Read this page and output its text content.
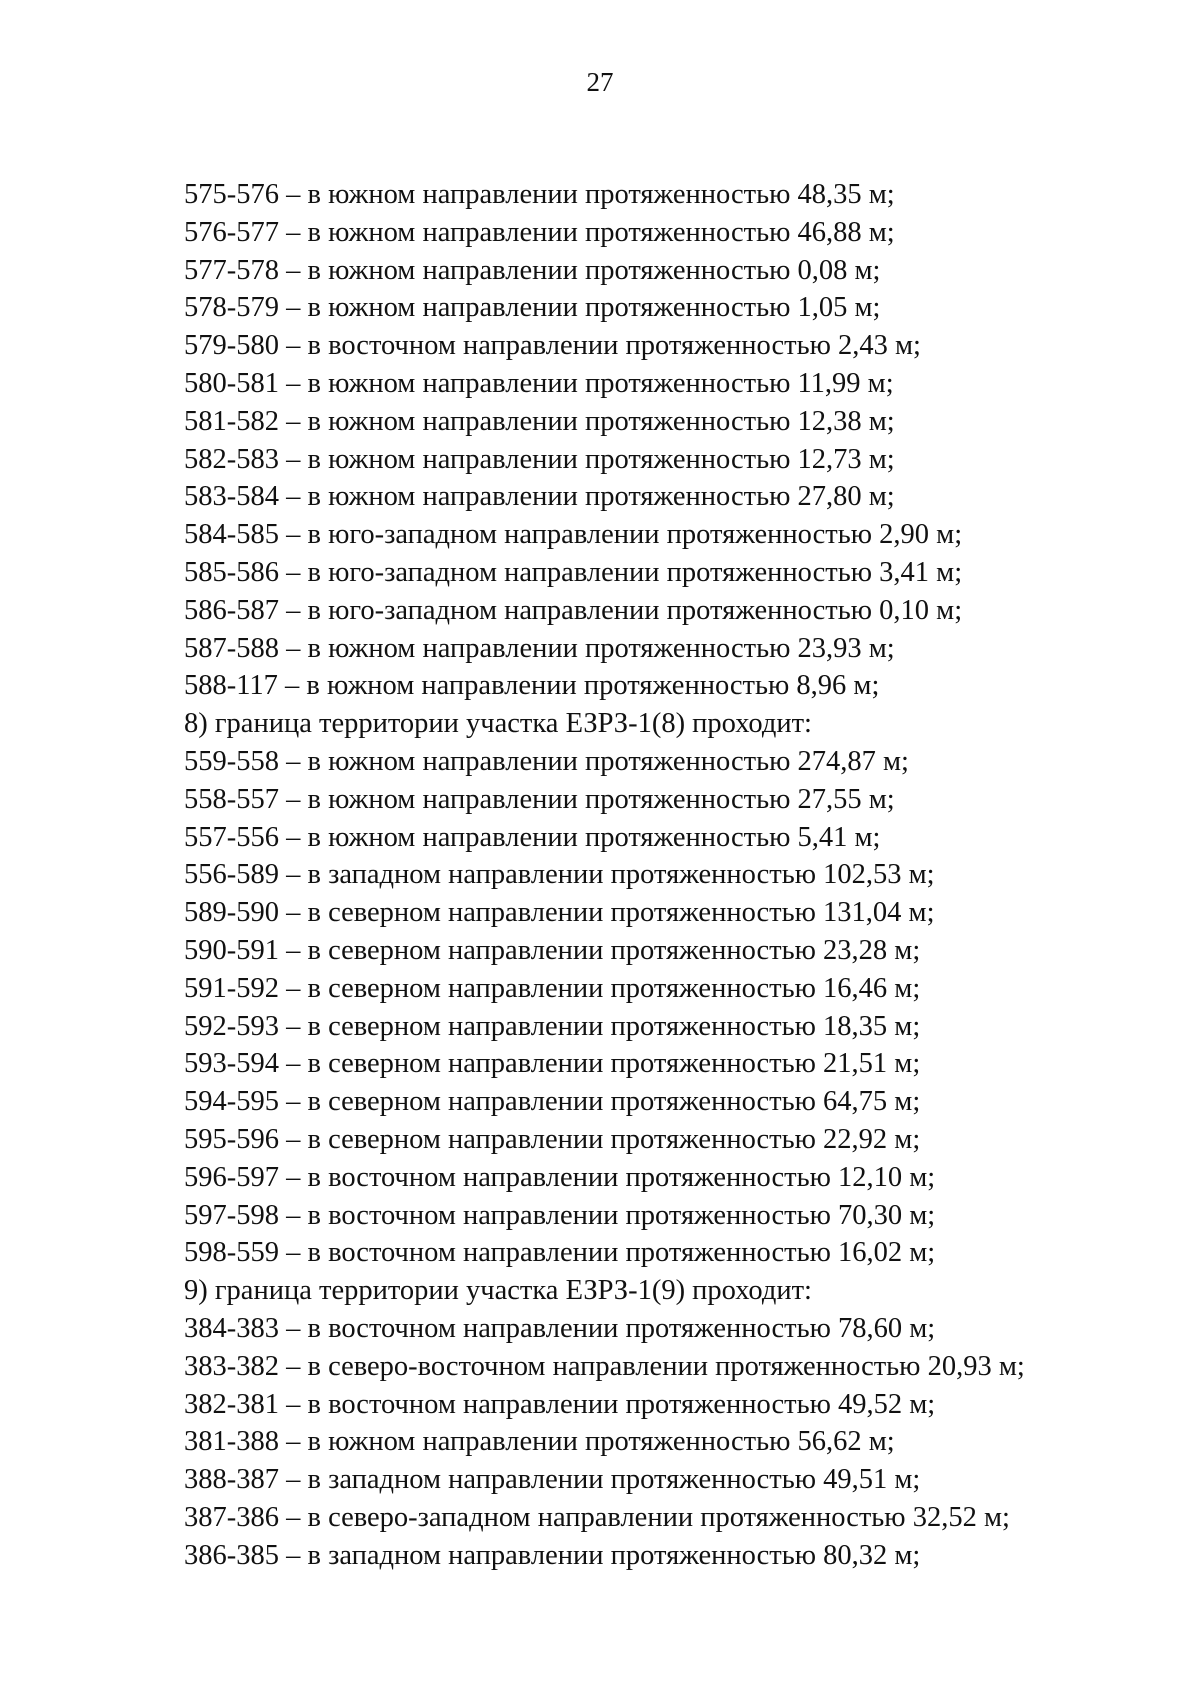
27
575-576 – в южном направлении протяженностью 48,35 м;
576-577 – в южном направлении протяженностью 46,88 м;
577-578 – в южном направлении протяженностью 0,08 м;
578-579 – в южном направлении протяженностью 1,05 м;
579-580 – в восточном направлении протяженностью 2,43 м;
580-581 – в южном направлении протяженностью 11,99 м;
581-582 – в южном направлении протяженностью 12,38 м;
582-583 – в южном направлении протяженностью 12,73 м;
583-584 – в южном направлении протяженностью 27,80 м;
584-585 – в юго-западном направлении протяженностью 2,90 м;
585-586 – в юго-западном направлении протяженностью 3,41 м;
586-587 – в юго-западном направлении протяженностью 0,10 м;
587-588 – в южном направлении протяженностью 23,93 м;
588-117 – в южном направлении протяженностью 8,96 м;
8) граница территории участка ЕЗРЗ-1(8) проходит:
559-558 – в южном направлении протяженностью 274,87 м;
558-557 – в южном направлении протяженностью 27,55 м;
557-556 – в южном направлении протяженностью 5,41 м;
556-589 – в западном направлении протяженностью 102,53 м;
589-590 – в северном направлении протяженностью 131,04 м;
590-591 – в северном направлении протяженностью 23,28 м;
591-592 – в северном направлении протяженностью 16,46 м;
592-593 – в северном направлении протяженностью 18,35 м;
593-594 – в северном направлении протяженностью 21,51 м;
594-595 – в северном направлении протяженностью 64,75 м;
595-596 – в северном направлении протяженностью 22,92 м;
596-597 – в восточном направлении протяженностью 12,10 м;
597-598 – в восточном направлении протяженностью 70,30 м;
598-559 – в восточном направлении протяженностью 16,02 м;
9) граница территории участка ЕЗРЗ-1(9) проходит:
384-383 – в восточном направлении протяженностью 78,60 м;
383-382 – в северо-восточном направлении протяженностью 20,93 м;
382-381 – в восточном направлении протяженностью 49,52 м;
381-388 – в южном направлении протяженностью 56,62 м;
388-387 – в западном направлении протяженностью 49,51 м;
387-386 – в северо-западном направлении протяженностью 32,52 м;
386-385 – в западном направлении протяженностью 80,32 м;
